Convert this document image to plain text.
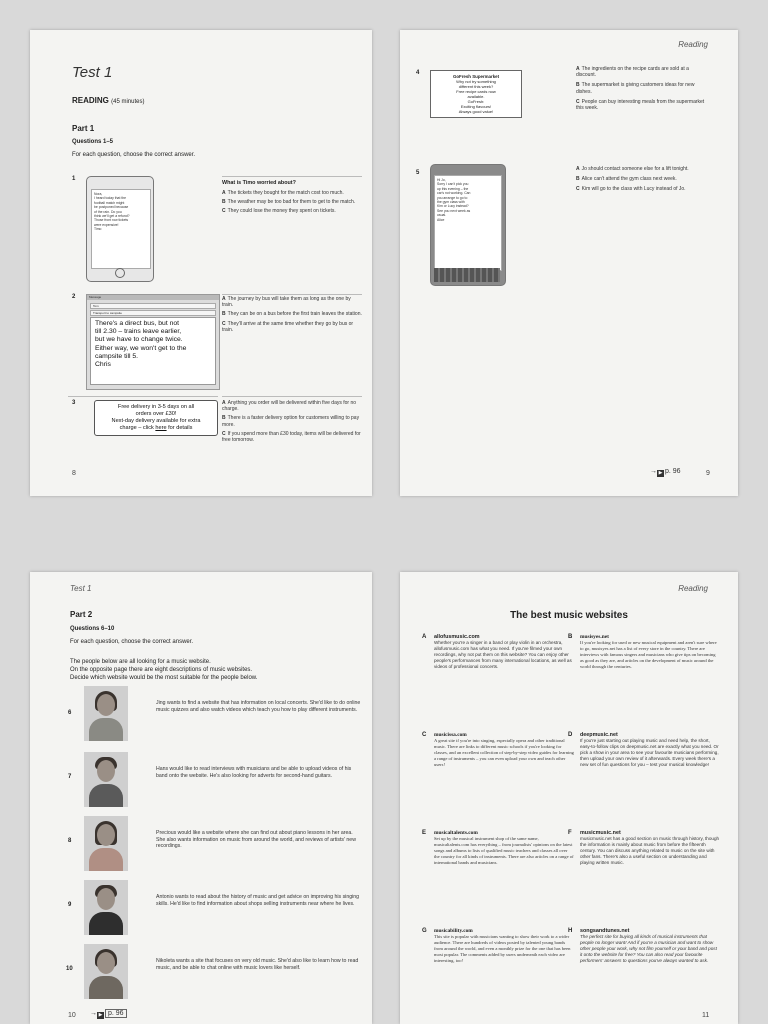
Test 1
READING (45 minutes)
Part 1
Questions 1–5
For each question, choose the correct answer.
1
Nora,
I heard today that the
football match might
be postponed because
of the rain. Do you
think we'll get a refund?
Those front row tickets
were expensive!
Timo
What is Timo worried about?
A The tickets they bought for the match cost too much.
B The weather may be too bad for them to get to the match.
C They could lose the money they spent on tickets.
2	Message
Tom
Transport to campsite
There's a direct bus, but not
till 2.30 – trains leave earlier,
but we have to change twice.
Either way, we won't get to the
campsite till 5.
Chris
A The journey by bus will take them as long as the one by train.
B They can be on a bus before the first train leaves the station.
C They'll arrive at the same time whether they go by bus or train.
3
Free delivery in 3-5 days on all
orders over £30!
Next-day delivery available for extra
charge – click here for details
A Anything you order will be delivered within five days for no charge.
B There is a faster delivery option for customers willing to pay more.
C If you spend more than £30 today, items will be delivered for free tomorrow.
8
Reading
4
GoFresh Supermarket
Why not try something
different this week?
Free recipe cards now
available.
GoFresh:
Exciting flavours!
Always good value!
A The ingredients on the recipe cards are sold at a discount.
B The supermarket is giving customers ideas for new dishes.
C People can buy interesting meals from the supermarket this week.
5
Hi Jo,
Sorry I can't pick you
up this evening – the
car's not working. Can
you arrange to go to
the gym class with
Kim or Lucy instead?
See you next week as
usual.
Alice
A Jo should contact someone else for a lift tonight.
B Alice can't attend the gym class next week.
C Kim will go to the class with Lucy instead of Jo.
→ ▶ p. 96	9
Test 1
Part 2
Questions 6–10
For each question, choose the correct answer.
The people below are all looking for a music website.
On the opposite page there are eight descriptions of music websites.
Decide which website would be the most suitable for the people below.
6
Jing wants to find a website that has information on local concerts. She'd like to do online music quizzes and also watch videos which teach you how to play different instruments.
7
Hans would like to read interviews with musicians and be able to upload videos of his band onto the website. He's also looking for adverts for second-hand guitars.
8
Precious would like a website where she can find out about piano lessons in her area. She also wants information on music from around the world, and reviews of artists' new recordings.
9
Antonio wants to read about the history of music and get advice on improving his singing skills. He'd like to find information about shops selling instruments near where he lives.
10
Nikoleta wants a site that focuses on very old music. She'd also like to learn how to read music, and be able to chat online with music lovers like herself.
10 → ▶ p. 96
Reading
The best music websites
A allofusmusic.com
Whether you're a singer in a band or play violin in an orchestra, allofusmusic.com has what you need. If you've filmed your own recordings, why not put them on this website? You can enjoy other people's performances from many international locations, as well as videos of professional concerts.
B musisyes.net
If you're looking for used or new musical equipment and aren't sure where to go, musisyes.net has a list of every store in the country. There are interviews with famous singers and musicians who give tips on becoming as good as they are, and articles on the development of music around the world through the centuries.
C musicissa.com
A great site if you're into singing, especially opera and other traditional music. There are links to different music schools if you're looking for classes, and an excellent collection of step-by-step video guides for learning a range of instruments – you can even upload your own and teach other users!
D deepmusic.net
If you're just starting out playing music and need help, the short, easy-to-follow clips on deepmusic.net are exactly what you need. Or pick a show in your area to see your favourite musicians performing, then upload your own review of it afterwards. Every week there's a new set of fun questions for you – test your musical knowledge!
E musicaltalents.com
Set up by the musical instrument shop of the same name, musicaltalents.com has everything – from journalists' opinions on the latest songs and albums to lists of qualified music teachers and classes all over the country for all kinds of instruments. There are also articles on a range of international bands and musicians.
F musicmusic.net
musicmusic.net has a good section on music through history, though the information is mainly about music from before the fifteenth century. You can discuss anything related to music on the site with other fans. There's also a useful section on understanding and playing written music.
G musicability.com
This site is popular with musicians wanting to show their work to a wider audience. There are hundreds of videos posted by talented young bands from around the world, and even a monthly prize for the one that has been most popular. The comments added by users underneath each video are interesting, too!
H songsandtunes.net
The perfect site for buying all kinds of musical instruments that people no longer want! And if you're a musician and want to show other people your work, why not film yourself or your band and post it onto the website for free? You can also read your favourite performers' answers to questions you've always wanted to ask.
11
